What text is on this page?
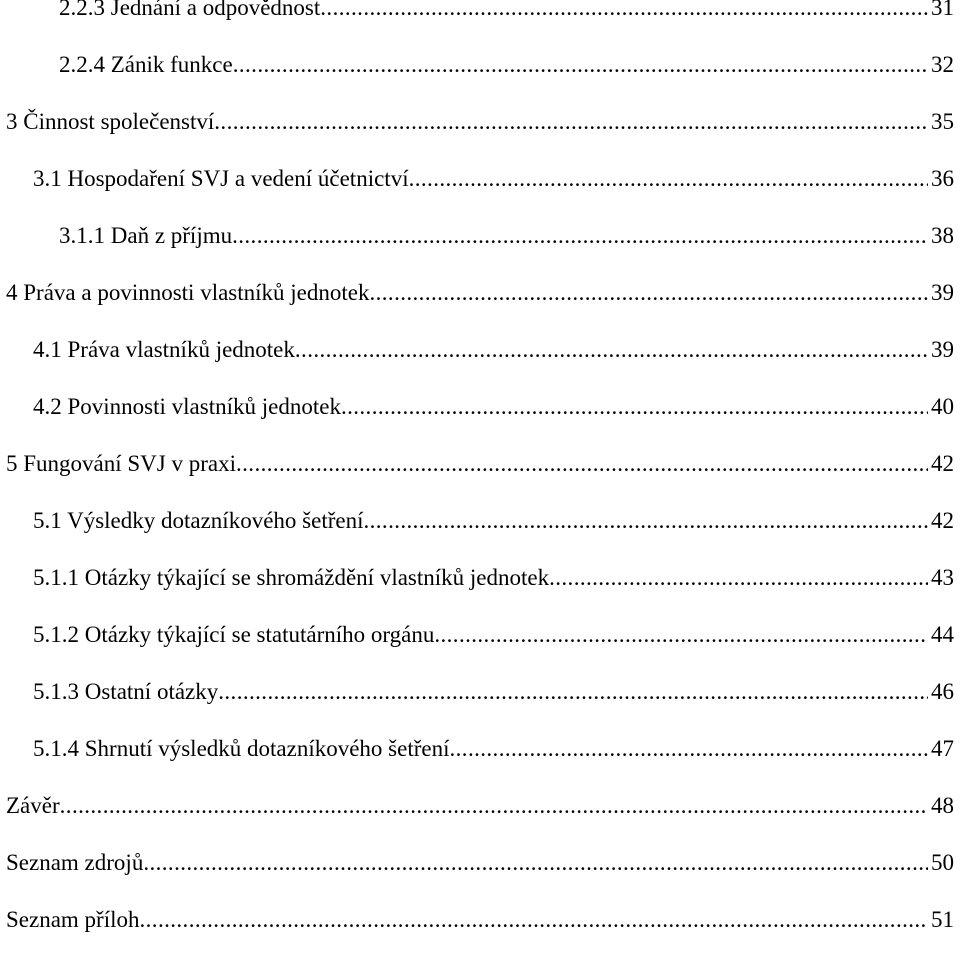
2.2.3 Jednání a odpovědnost .....	31
2.2.4 Zánik funkce .....	32
3 Činnost společenství .....	35
3.1 Hospodaření SVJ a vedení účetnictví .....	36
3.1.1 Daň z příjmu .....	38
4 Práva a povinnosti vlastníků jednotek .....	39
4.1 Práva vlastníků jednotek .....	39
4.2 Povinnosti vlastníků jednotek .....	40
5 Fungování SVJ v praxi .....	42
5.1 Výsledky dotazníkového šetření .....	42
5.1.1 Otázky týkající se shromáždění vlastníků jednotek .....	43
5.1.2 Otázky týkající se statutárního orgánu .....	44
5.1.3 Ostatní otázky .....	46
5.1.4 Shrnutí výsledků dotazníkového šetření .....	47
Závěr .....	48
Seznam zdrojů .....	50
Seznam příloh .....	51
